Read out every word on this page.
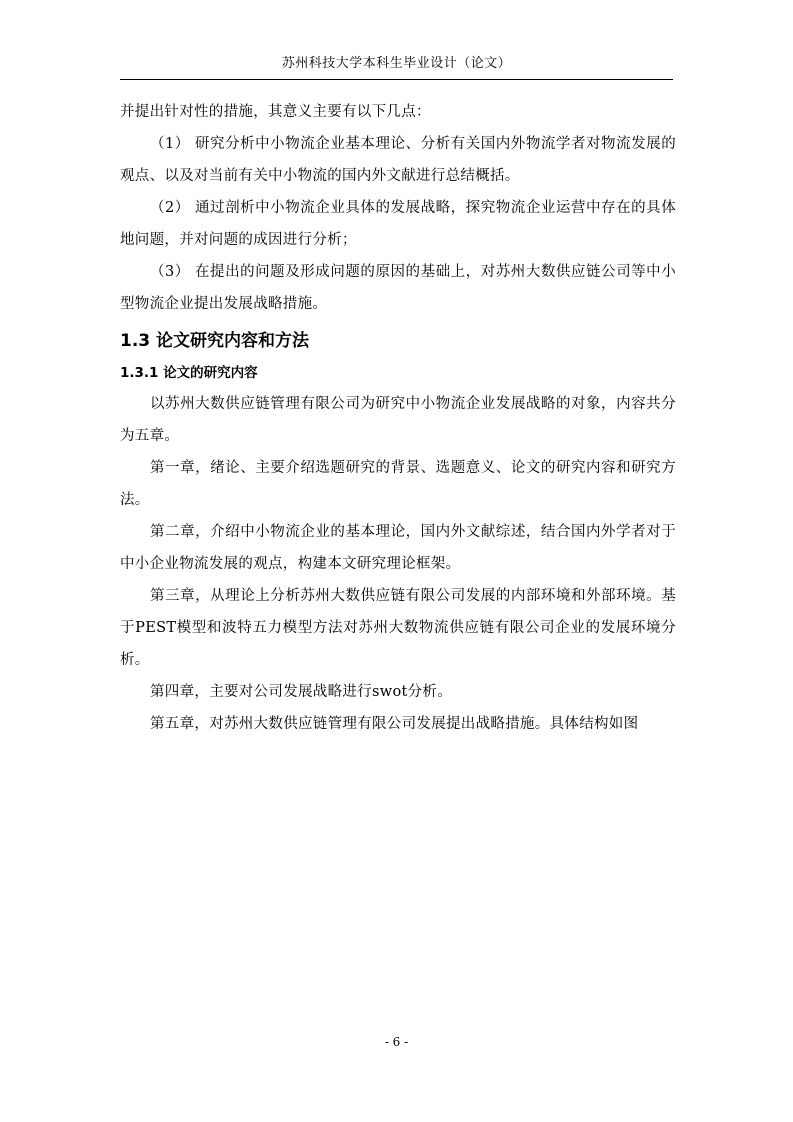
苏州科技大学本科生毕业设计（论文）

并提出针对性的措施，其意义主要有以下几点：

（1） 研究分析中小物流企业基本理论、分析有关国内外物流学者对物流发展的观点、以及对当前有关中小物流的国内外文献进行总结概括。

（2） 通过剖析中小物流企业具体的发展战略，探究物流企业运营中存在的具体地问题，并对问题的成因进行分析；

（3） 在提出的问题及形成问题的原因的基础上，对苏州大数供应链公司等中小型物流企业提出发展战略措施。

1.3 论文研究内容和方法
1.3.1 论文的研究内容

以苏州大数供应链管理有限公司为研究中小物流企业发展战略的对象，内容共分为五章。

第一章，绪论、主要介绍选题研究的背景、选题意义、论文的研究内容和研究方法。

第二章，介绍中小物流企业的基本理论，国内外文献综述，结合国内外学者对于中小企业物流发展的观点，构建本文研究理论框架。

第三章，从理论上分析苏州大数供应链有限公司发展的内部环境和外部环境。基于PEST模型和波特五力模型方法对苏州大数物流供应链有限公司企业的发展环境分析。

第四章，主要对公司发展战略进行swot分析。

第五章，对苏州大数供应链管理有限公司发展提出战略措施。具体结构如图

- 6 -
